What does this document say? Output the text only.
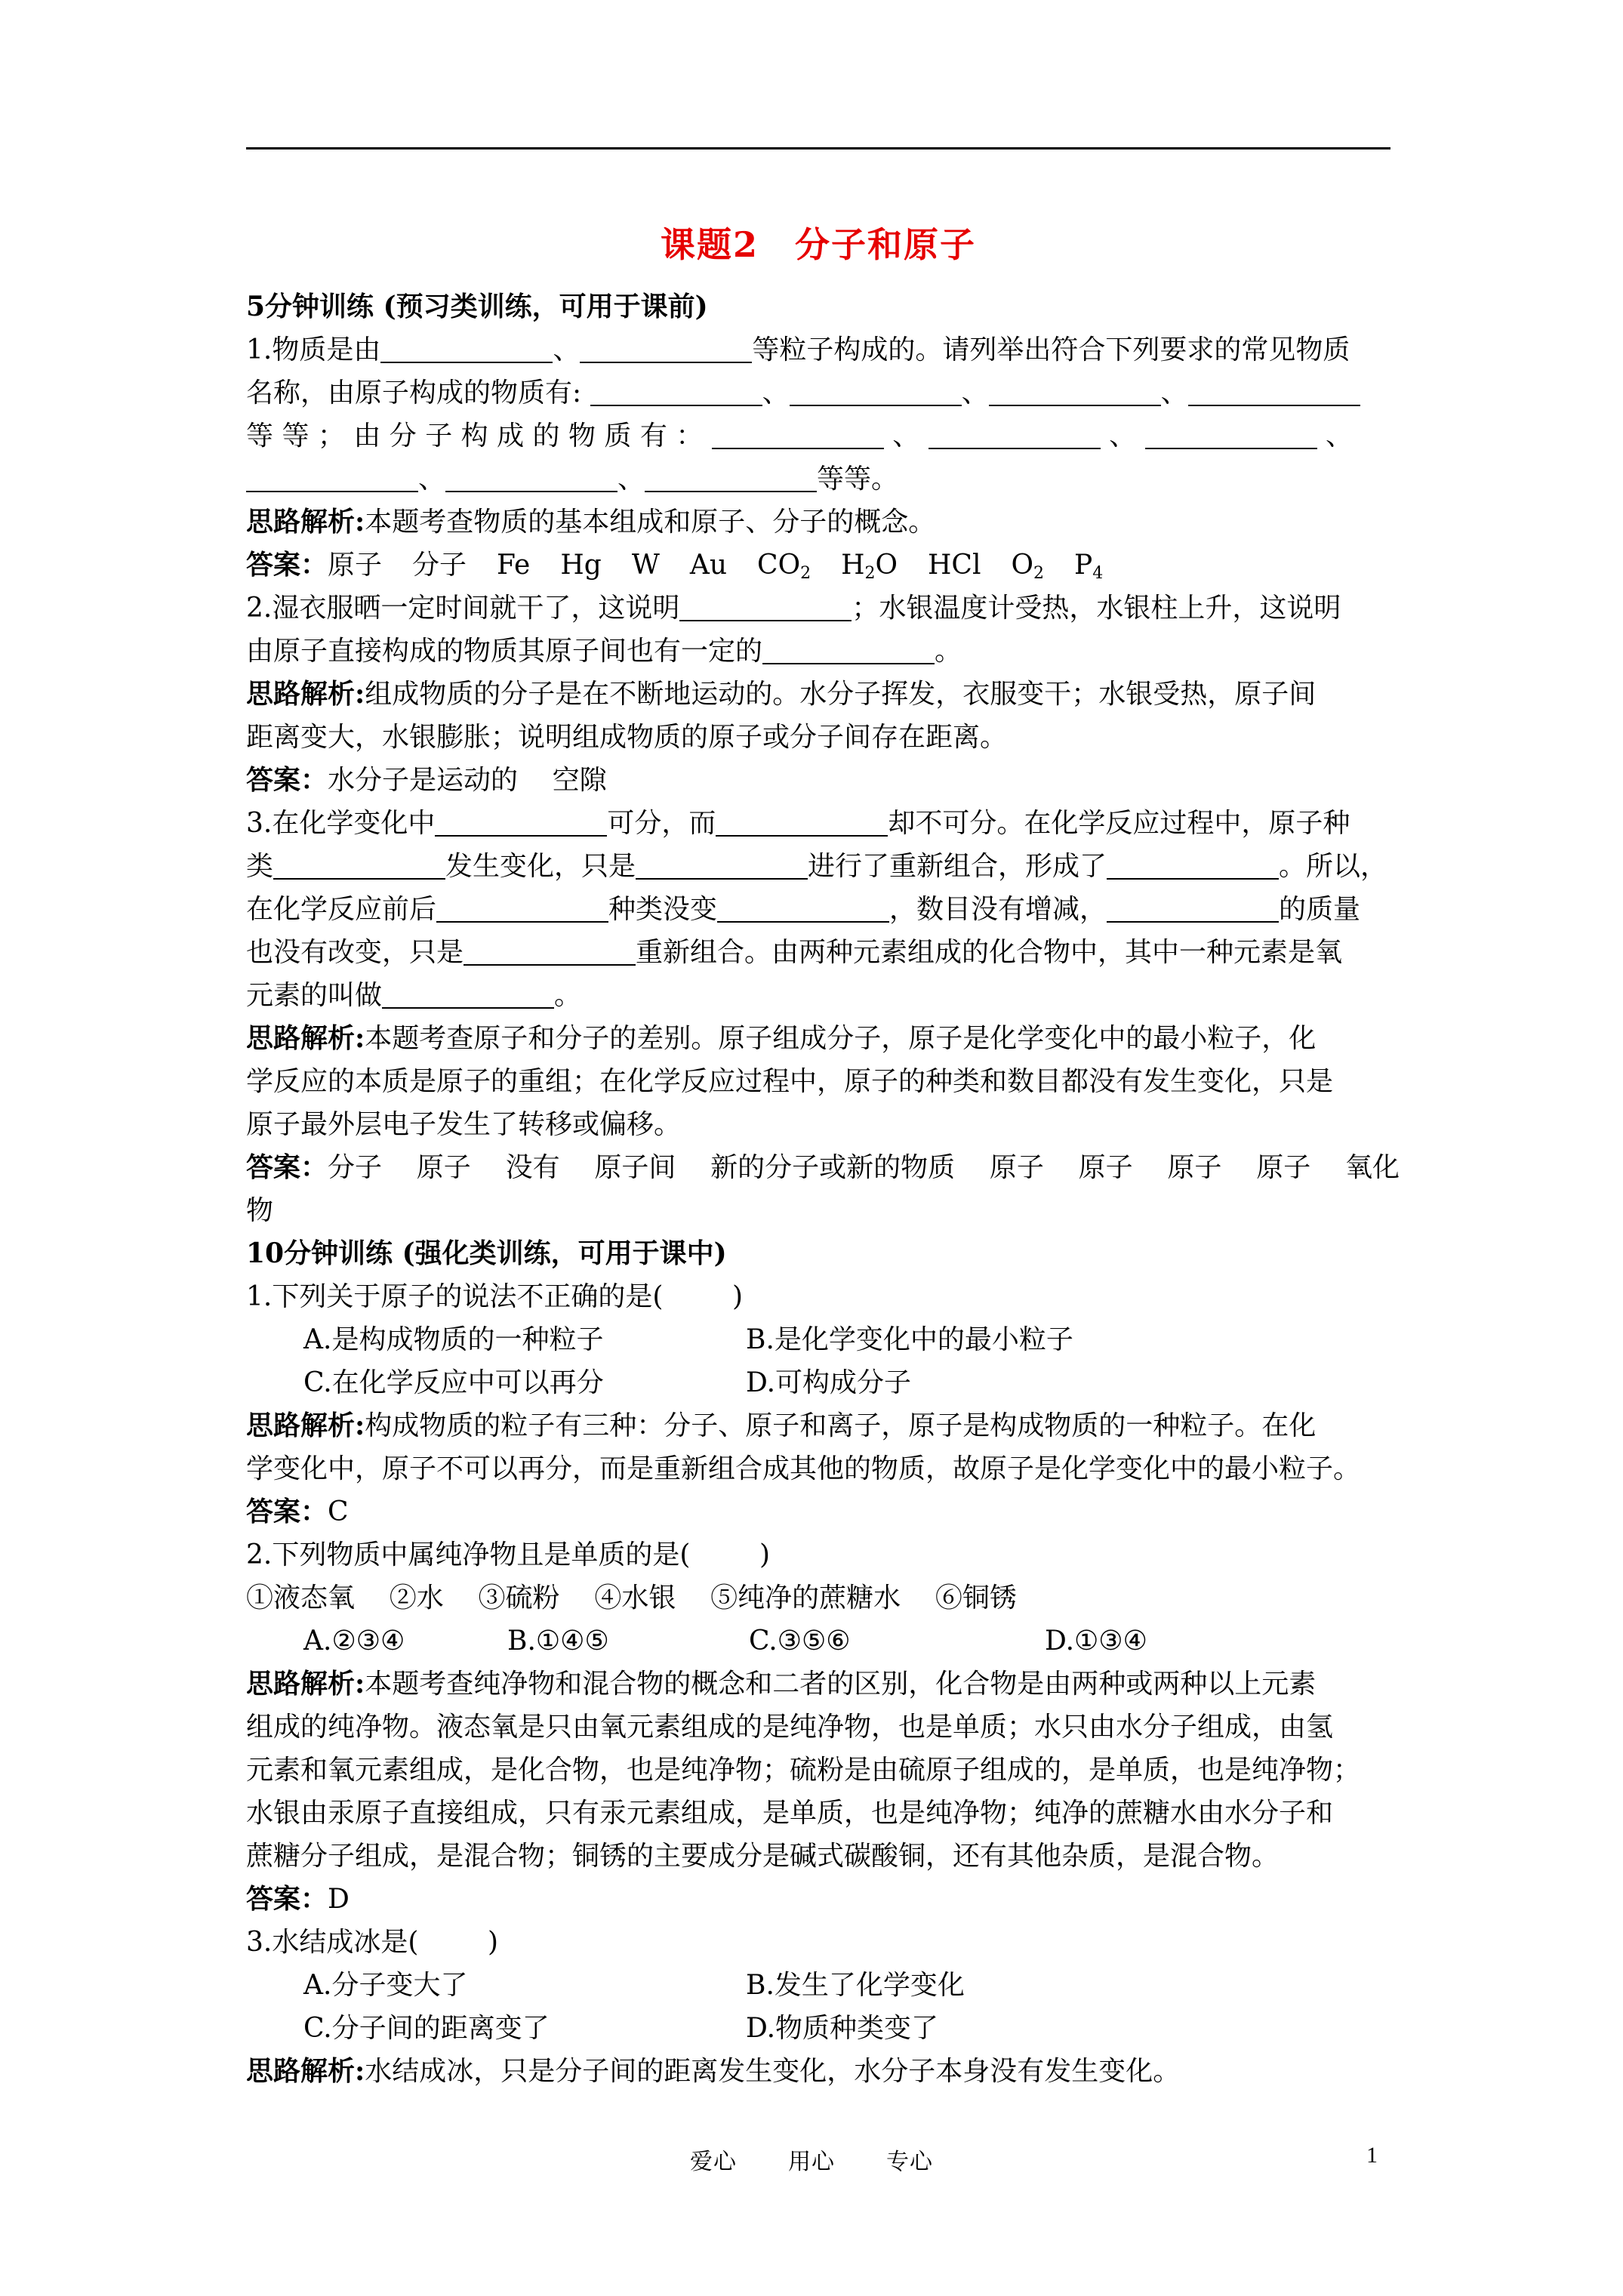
课题2 分子和原子
5分钟训练 (预习类训练，可用于课前)
1.物质是由	、	等粒子构成的。请列举出符合下列要求的常见物质
名称，由原子构成的物质有:	、	、	、
等 等 ； 由 分 子 构 成 的 物 质 有 ：	、	、	、
、	、	等等。
思路解析:本题考查物质的基本组成和原子、分子的概念。
答案：原子 分子 Fe Hg W Au $CO_2$ $H_2O$ HCl $O_2$ $P_4$
2.湿衣服晒一定时间就干了，这说明	；水银温度计受热，水银柱上升，这说明
由原子直接构成的物质其原子间也有一定的	。
思路解析:组成物质的分子是在不断地运动的。水分子挥发，衣服变干；水银受热，原子间
距离变大，水银膨胀；说明组成物质的原子或分子间存在距离。
答案：水分子是运动的    空隙
3.在化学变化中	可分，而	却不可分。在化学反应过程中，原子种
类	发生变化，只是	进行了重新组合，形成了	。所以，
在化学反应前后	种类没变	，数目没有增减，	的质量
也没有改变，只是	重新组合。由两种元素组成的化合物中，其中一种元素是氧
元素的叫做	。
思路解析:本题考查原子和分子的差别。原子组成分子，原子是化学变化中的最小粒子，化
学反应的本质是原子的重组；在化学反应过程中，原子的种类和数目都没有发生变化，只是
原子最外层电子发生了转移或偏移。
答案：分子    原子    没有    原子间    新的分子或新的物质    原子    原子    原子    原子    氧化
物
10分钟训练 (强化类训练，可用于课中)
1.下列关于原子的说法不正确的是(        )
A.是构成物质的一种粒子	B.是化学变化中的最小粒子
C.在化学反应中可以再分	D.可构成分子
思路解析:构成物质的粒子有三种：分子、原子和离子，原子是构成物质的一种粒子。在化
学变化中，原子不可以再分，而是重新组合成其他的物质，故原子是化学变化中的最小粒子。
答案：C
2.下列物质中属纯净物且是单质的是(        )
①液态氧    ②水    ③硫粉    ④水银    ⑤纯净的蔗糖水    ⑥铜锈
A.②③④	B.①④⑤	C.③⑤⑥	D.①③④
思路解析:本题考查纯净物和混合物的概念和二者的区别，化合物是由两种或两种以上元素
组成的纯净物。液态氧是只由氧元素组成的是纯净物，也是单质；水只由水分子组成，由氢
元素和氧元素组成，是化合物，也是纯净物；硫粉是由硫原子组成的，是单质，也是纯净物；
水银由汞原子直接组成，只有汞元素组成，是单质，也是纯净物；纯净的蔗糖水由水分子和
蔗糖分子组成，是混合物；铜锈的主要成分是碱式碳酸铜，还有其他杂质，是混合物。
答案：D
3.水结成冰是(        )
A.分子变大了	B.发生了化学变化
C.分子间的距离变了	D.物质种类变了
思路解析:水结成冰，只是分子间的距离发生变化，水分子本身没有发生变化。
爱心 用心 专心	1
